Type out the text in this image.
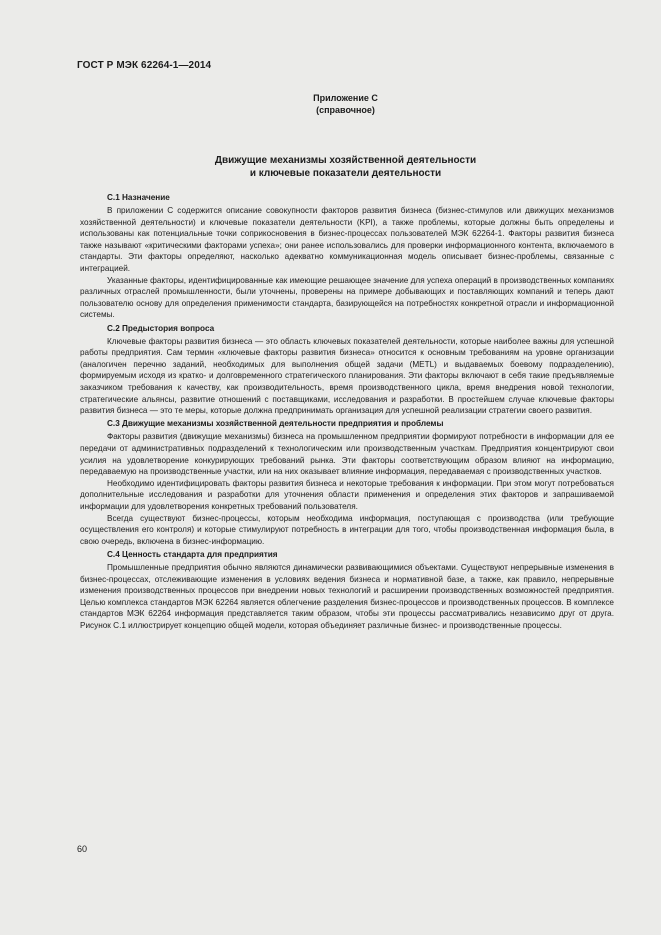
ГОСТ Р МЭК 62264-1—2014
Приложение С
(справочное)
Движущие механизмы хозяйственной деятельности
и ключевые показатели деятельности

С.1 Назначение

В приложении С содержится описание совокупности факторов развития бизнеса (бизнес-стимулов или движущих механизмов хозяйственной деятельности) и ключевые показатели деятельности (KPI), а также проблемы, которые должны быть определены и использованы как потенциальные точки соприкосновения в бизнес-процессах пользователей МЭК 62264-1. Факторы развития бизнеса также называют «критическими факторами успеха»; они ранее использовались для проверки информационного контента, включаемого в стандарты. Эти факторы определяют, насколько адекватно коммуникационная модель описывает бизнес-проблемы, связанные с интеграцией.

Указанные факторы, идентифицированные как имеющие решающее значение для успеха операций в производственных компаниях различных отраслей промышленности, были уточнены, проверены на примере добывающих и поставляющих компаний и теперь дают пользователю основу для определения применимости стандарта, базирующейся на потребностях конкретной отрасли и информационной системы.

С.2 Предыстория вопроса

Ключевые факторы развития бизнеса — это область ключевых показателей деятельности, которые наиболее важны для успешной работы предприятия. Сам термин «ключевые факторы развития бизнеса» относится к основным требованиям на уровне организации (аналогичен перечню заданий, необходимых для выполнения общей задачи (METL) и выдаваемых боевому подразделению), формируемым исходя из кратко- и долговременного стратегического планирования. Эти факторы включают в себя такие предъявляемые заказчиком требования к качеству, как производительность, время производственного цикла, время внедрения новой технологии, стратегические альянсы, развитие отношений с поставщиками, исследования и разработки. В простейшем случае ключевые факторы развития бизнеса — это те меры, которые должна предпринимать организация для успешной реализации стратегии своего развития.

С.3 Движущие механизмы хозяйственной деятельности предприятия и проблемы

Факторы развития (движущие механизмы) бизнеса на промышленном предприятии формируют потребности в информации для ее передачи от административных подразделений к технологическим или производственным участкам. Предприятия концентрируют свои усилия на удовлетворение конкурирующих требований рынка. Эти факторы соответствующим образом влияют на информацию, передаваемую на производственные участки, или на них оказывает влияние информация, передаваемая с производственных участков.

Необходимо идентифицировать факторы развития бизнеса и некоторые требования к информации. При этом могут потребоваться дополнительные исследования и разработки для уточнения области применения и определения этих факторов и запрашиваемой информации для удовлетворения конкретных требований пользователя.

Всегда существуют бизнес-процессы, которым необходима информация, поступающая с производства (или требующие осуществления его контроля) и которые стимулируют потребность в интеграции для того, чтобы производственная информация была, в свою очередь, включена в бизнес-информацию.

С.4 Ценность стандарта для предприятия

Промышленные предприятия обычно являются динамически развивающимися объектами. Существуют непрерывные изменения в бизнес-процессах, отслеживающие изменения в условиях ведения бизнеса и нормативной базе, а также, как правило, непрерывные изменения производственных процессов при внедрении новых технологий и расширении производственных возможностей предприятия. Целью комплекса стандартов МЭК 62264 является облегчение разделения бизнес-процессов и производственных процессов. В комплексе стандартов МЭК 62264 информация представляется таким образом, чтобы эти процессы рассматривались независимо друг от друга. Рисунок С.1 иллюстрирует концепцию общей модели, которая объединяет различные бизнес- и производственные процессы.

60
